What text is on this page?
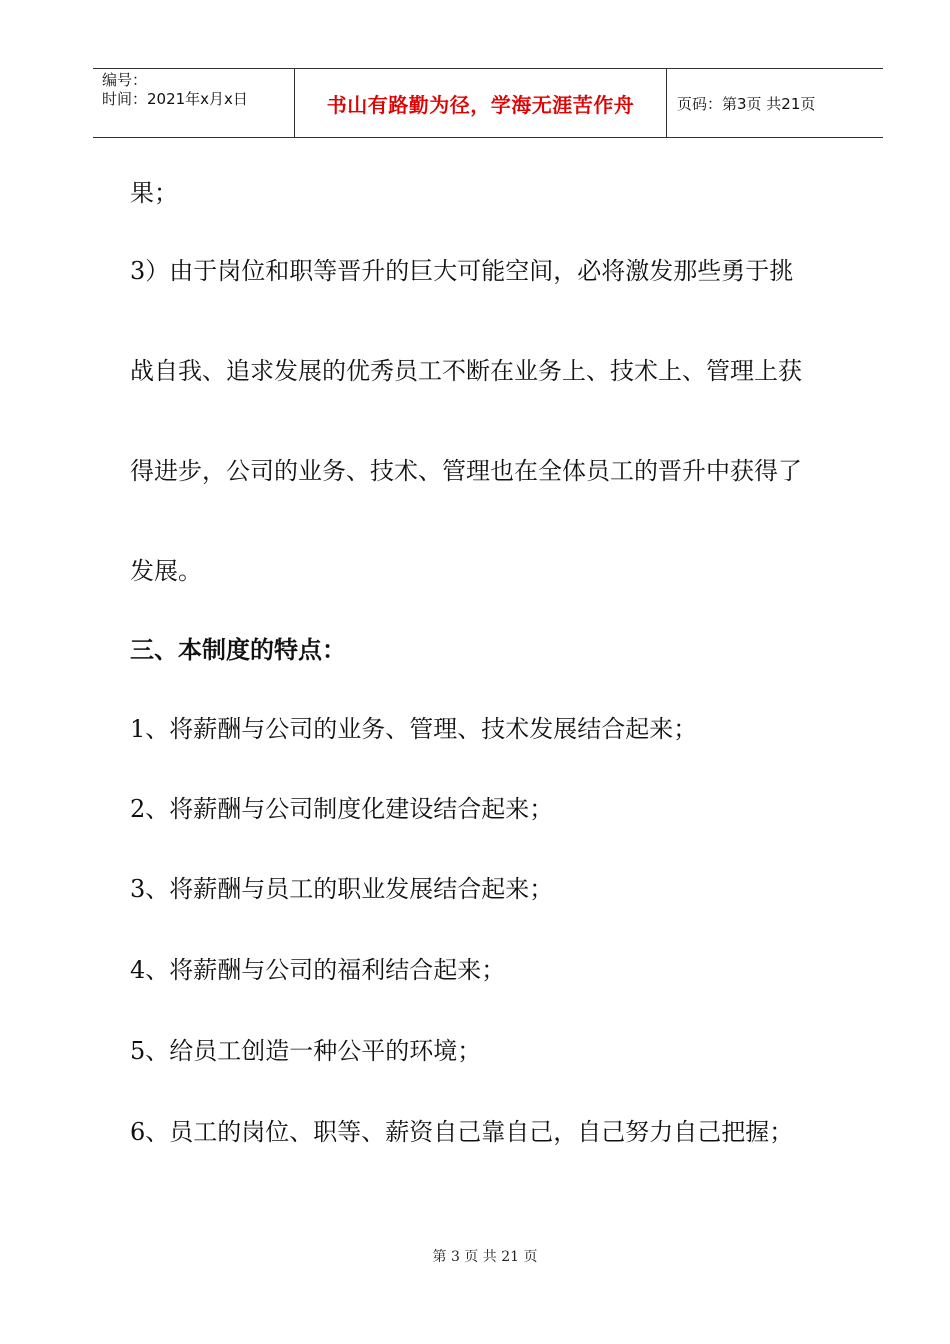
编号：
时间：2021年x月x日	书山有路勤为径，学海无涯苦作舟	页码：第3页 共21页
果；
3）由于岗位和职等晋升的巨大可能空间，必将激发那些勇于挑
战自我、追求发展的优秀员工不断在业务上、技术上、管理上获
得进步，公司的业务、技术、管理也在全体员工的晋升中获得了
发展。
三、本制度的特点：
1、将薪酬与公司的业务、管理、技术发展结合起来；
2、将薪酬与公司制度化建设结合起来；
3、将薪酬与员工的职业发展结合起来；
4、将薪酬与公司的福利结合起来；
5、给员工创造一种公平的环境；
6、员工的岗位、职等、薪资自己靠自己，自己努力自己把握；
第 3 页 共 21 页
